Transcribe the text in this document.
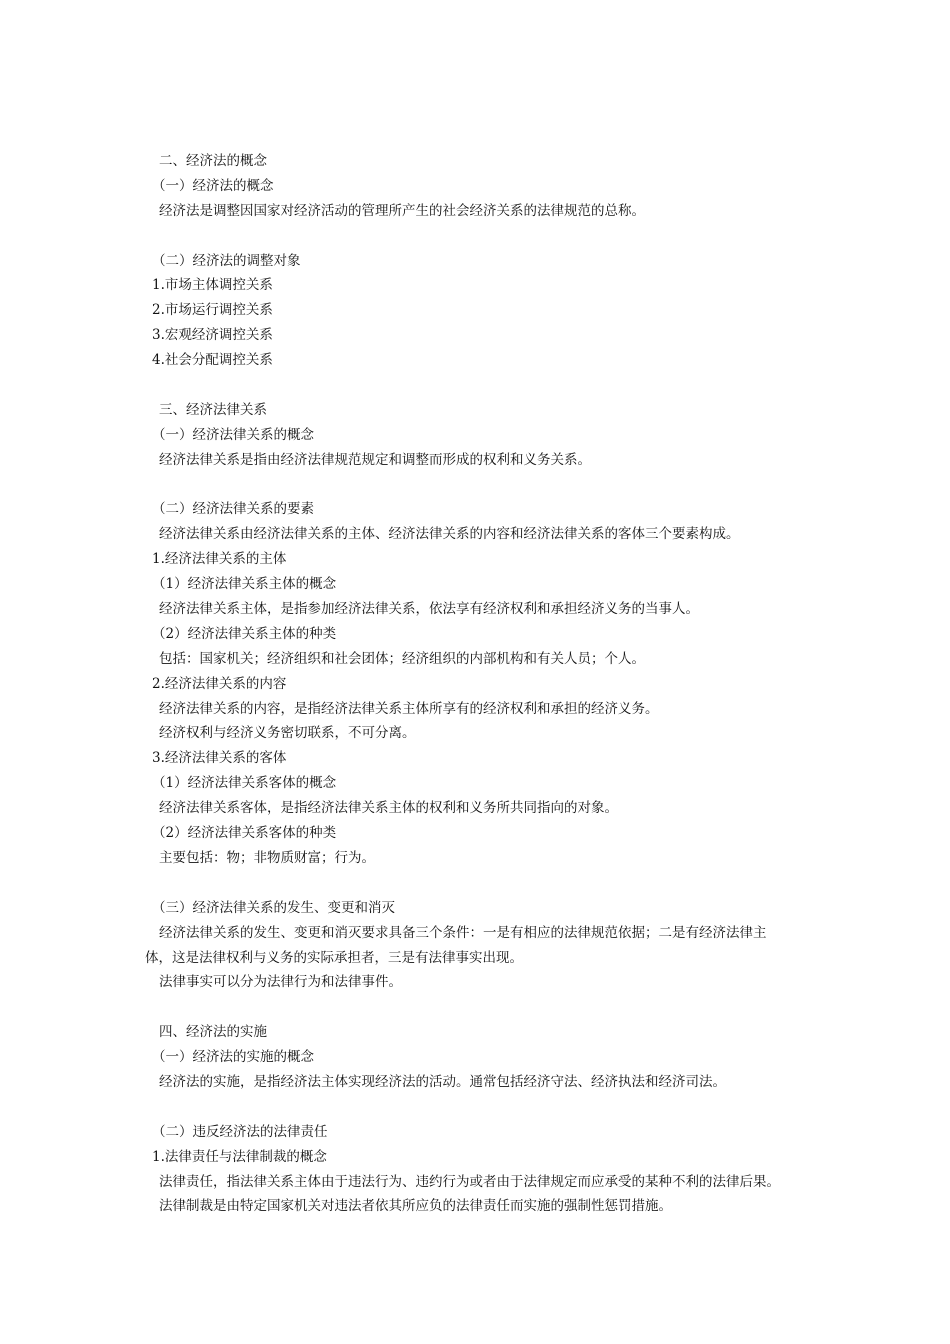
二、经济法的概念
（一）经济法的概念
经济法是调整因国家对经济活动的管理所产生的社会经济关系的法律规范的总称。
（二）经济法的调整对象
1.市场主体调控关系
2.市场运行调控关系
3.宏观经济调控关系
4.社会分配调控关系
三、经济法律关系
（一）经济法律关系的概念
经济法律关系是指由经济法律规范规定和调整而形成的权利和义务关系。
（二）经济法律关系的要素
经济法律关系由经济法律关系的主体、经济法律关系的内容和经济法律关系的客体三个要素构成。
1.经济法律关系的主体
（1）经济法律关系主体的概念
经济法律关系主体，是指参加经济法律关系，依法享有经济权利和承担经济义务的当事人。
（2）经济法律关系主体的种类
包括：国家机关；经济组织和社会团体；经济组织的内部机构和有关人员；个人。
2.经济法律关系的内容
经济法律关系的内容，是指经济法律关系主体所享有的经济权利和承担的经济义务。
经济权利与经济义务密切联系，不可分离。
3.经济法律关系的客体
（1）经济法律关系客体的概念
经济法律关系客体，是指经济法律关系主体的权利和义务所共同指向的对象。
（2）经济法律关系客体的种类
主要包括：物；非物质财富；行为。
（三）经济法律关系的发生、变更和消灭
经济法律关系的发生、变更和消灭要求具备三个条件：一是有相应的法律规范依据；二是有经济法律主
体，这是法律权利与义务的实际承担者，三是有法律事实出现。
法律事实可以分为法律行为和法律事件。
四、经济法的实施
（一）经济法的实施的概念
经济法的实施，是指经济法主体实现经济法的活动。通常包括经济守法、经济执法和经济司法。
（二）违反经济法的法律责任
1.法律责任与法律制裁的概念
法律责任，指法律关系主体由于违法行为、违约行为或者由于法律规定而应承受的某种不利的法律后果。
法律制裁是由特定国家机关对违法者依其所应负的法律责任而实施的强制性惩罚措施。
